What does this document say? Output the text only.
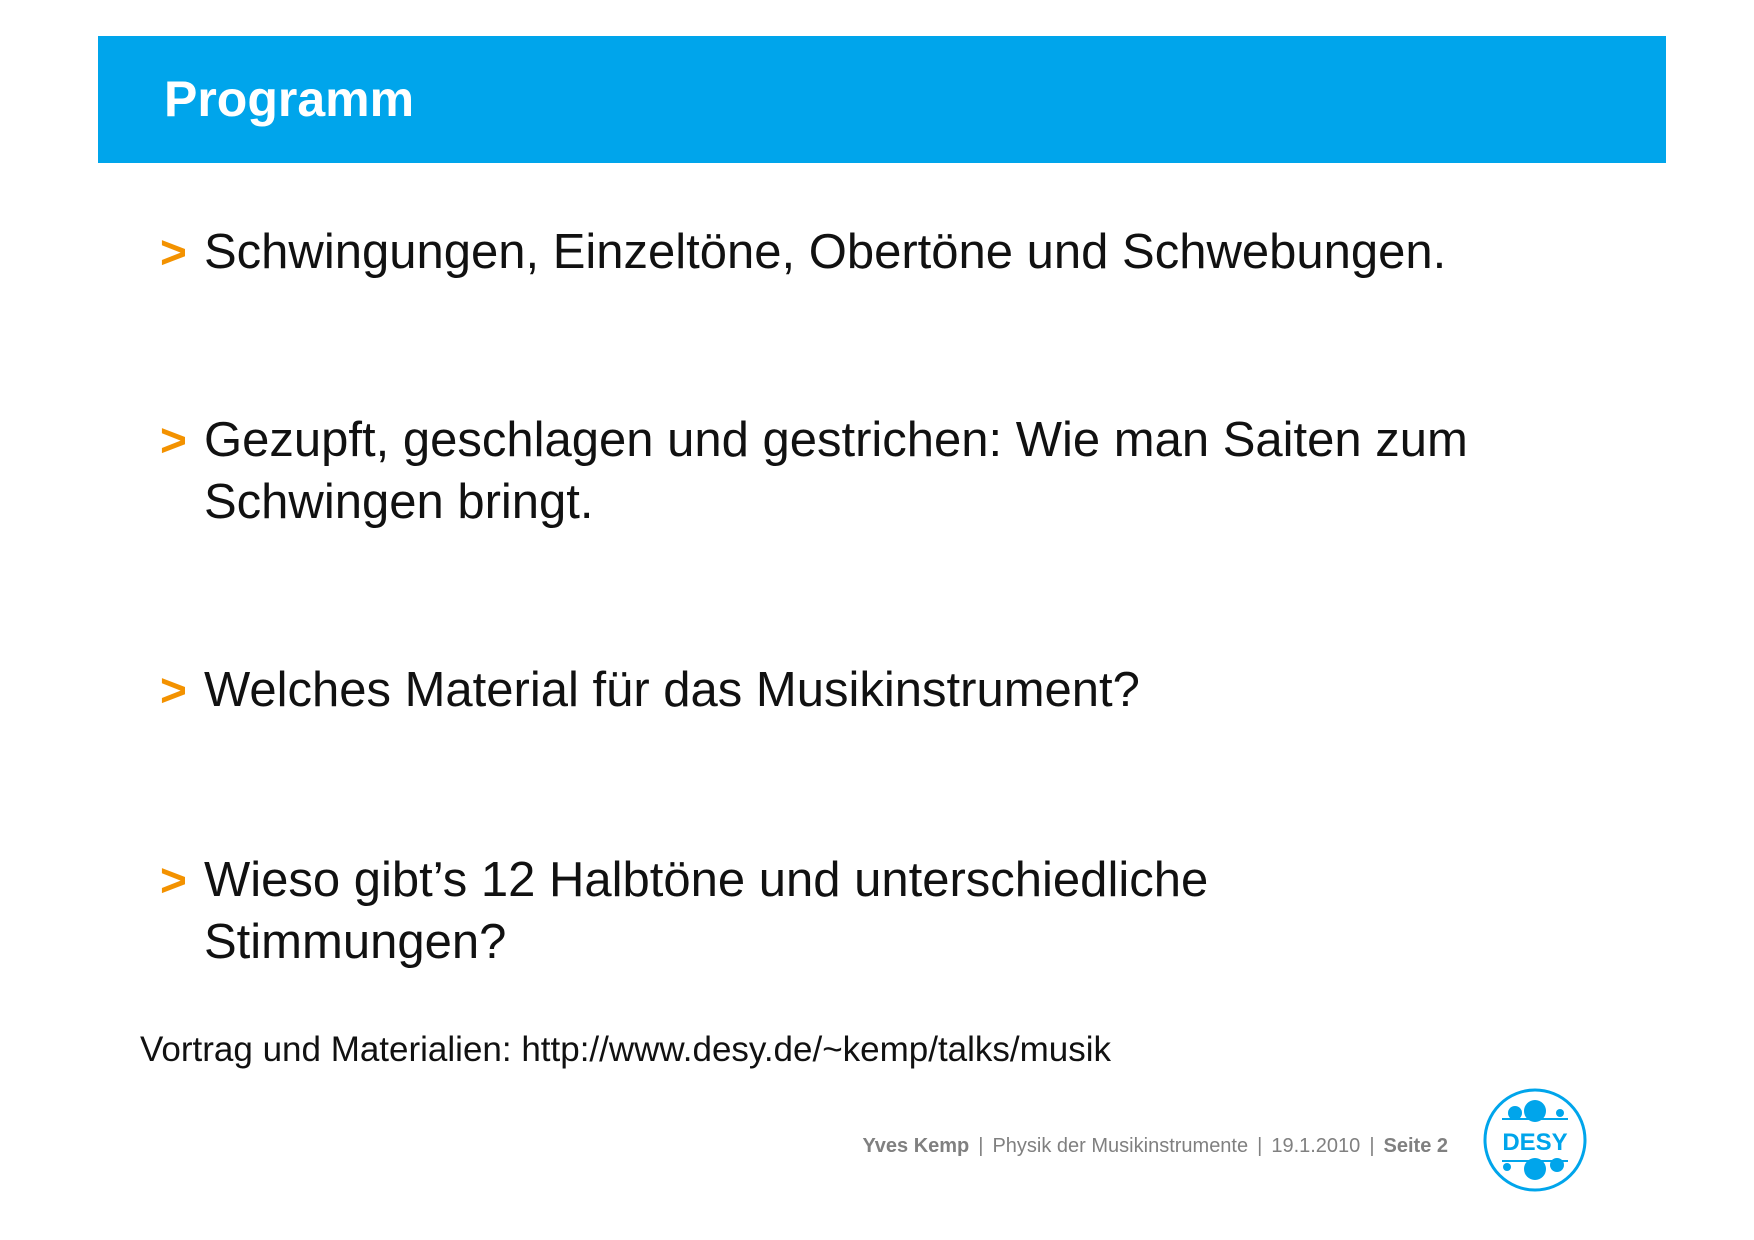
Programm
> Schwingungen, Einzeltöne, Obertöne und Schwebungen.
> Gezupft, geschlagen und gestrichen: Wie man Saiten zum Schwingen bringt.
> Welches Material für das Musikinstrument?
> Wieso gibt’s 12 Halbtöne und unterschiedliche Stimmungen?
Vortrag und Materialien: http://www.desy.de/~kemp/talks/musik
Yves Kemp | Physik der Musikinstrumente | 19.1.2010 | Seite 2 DESY
